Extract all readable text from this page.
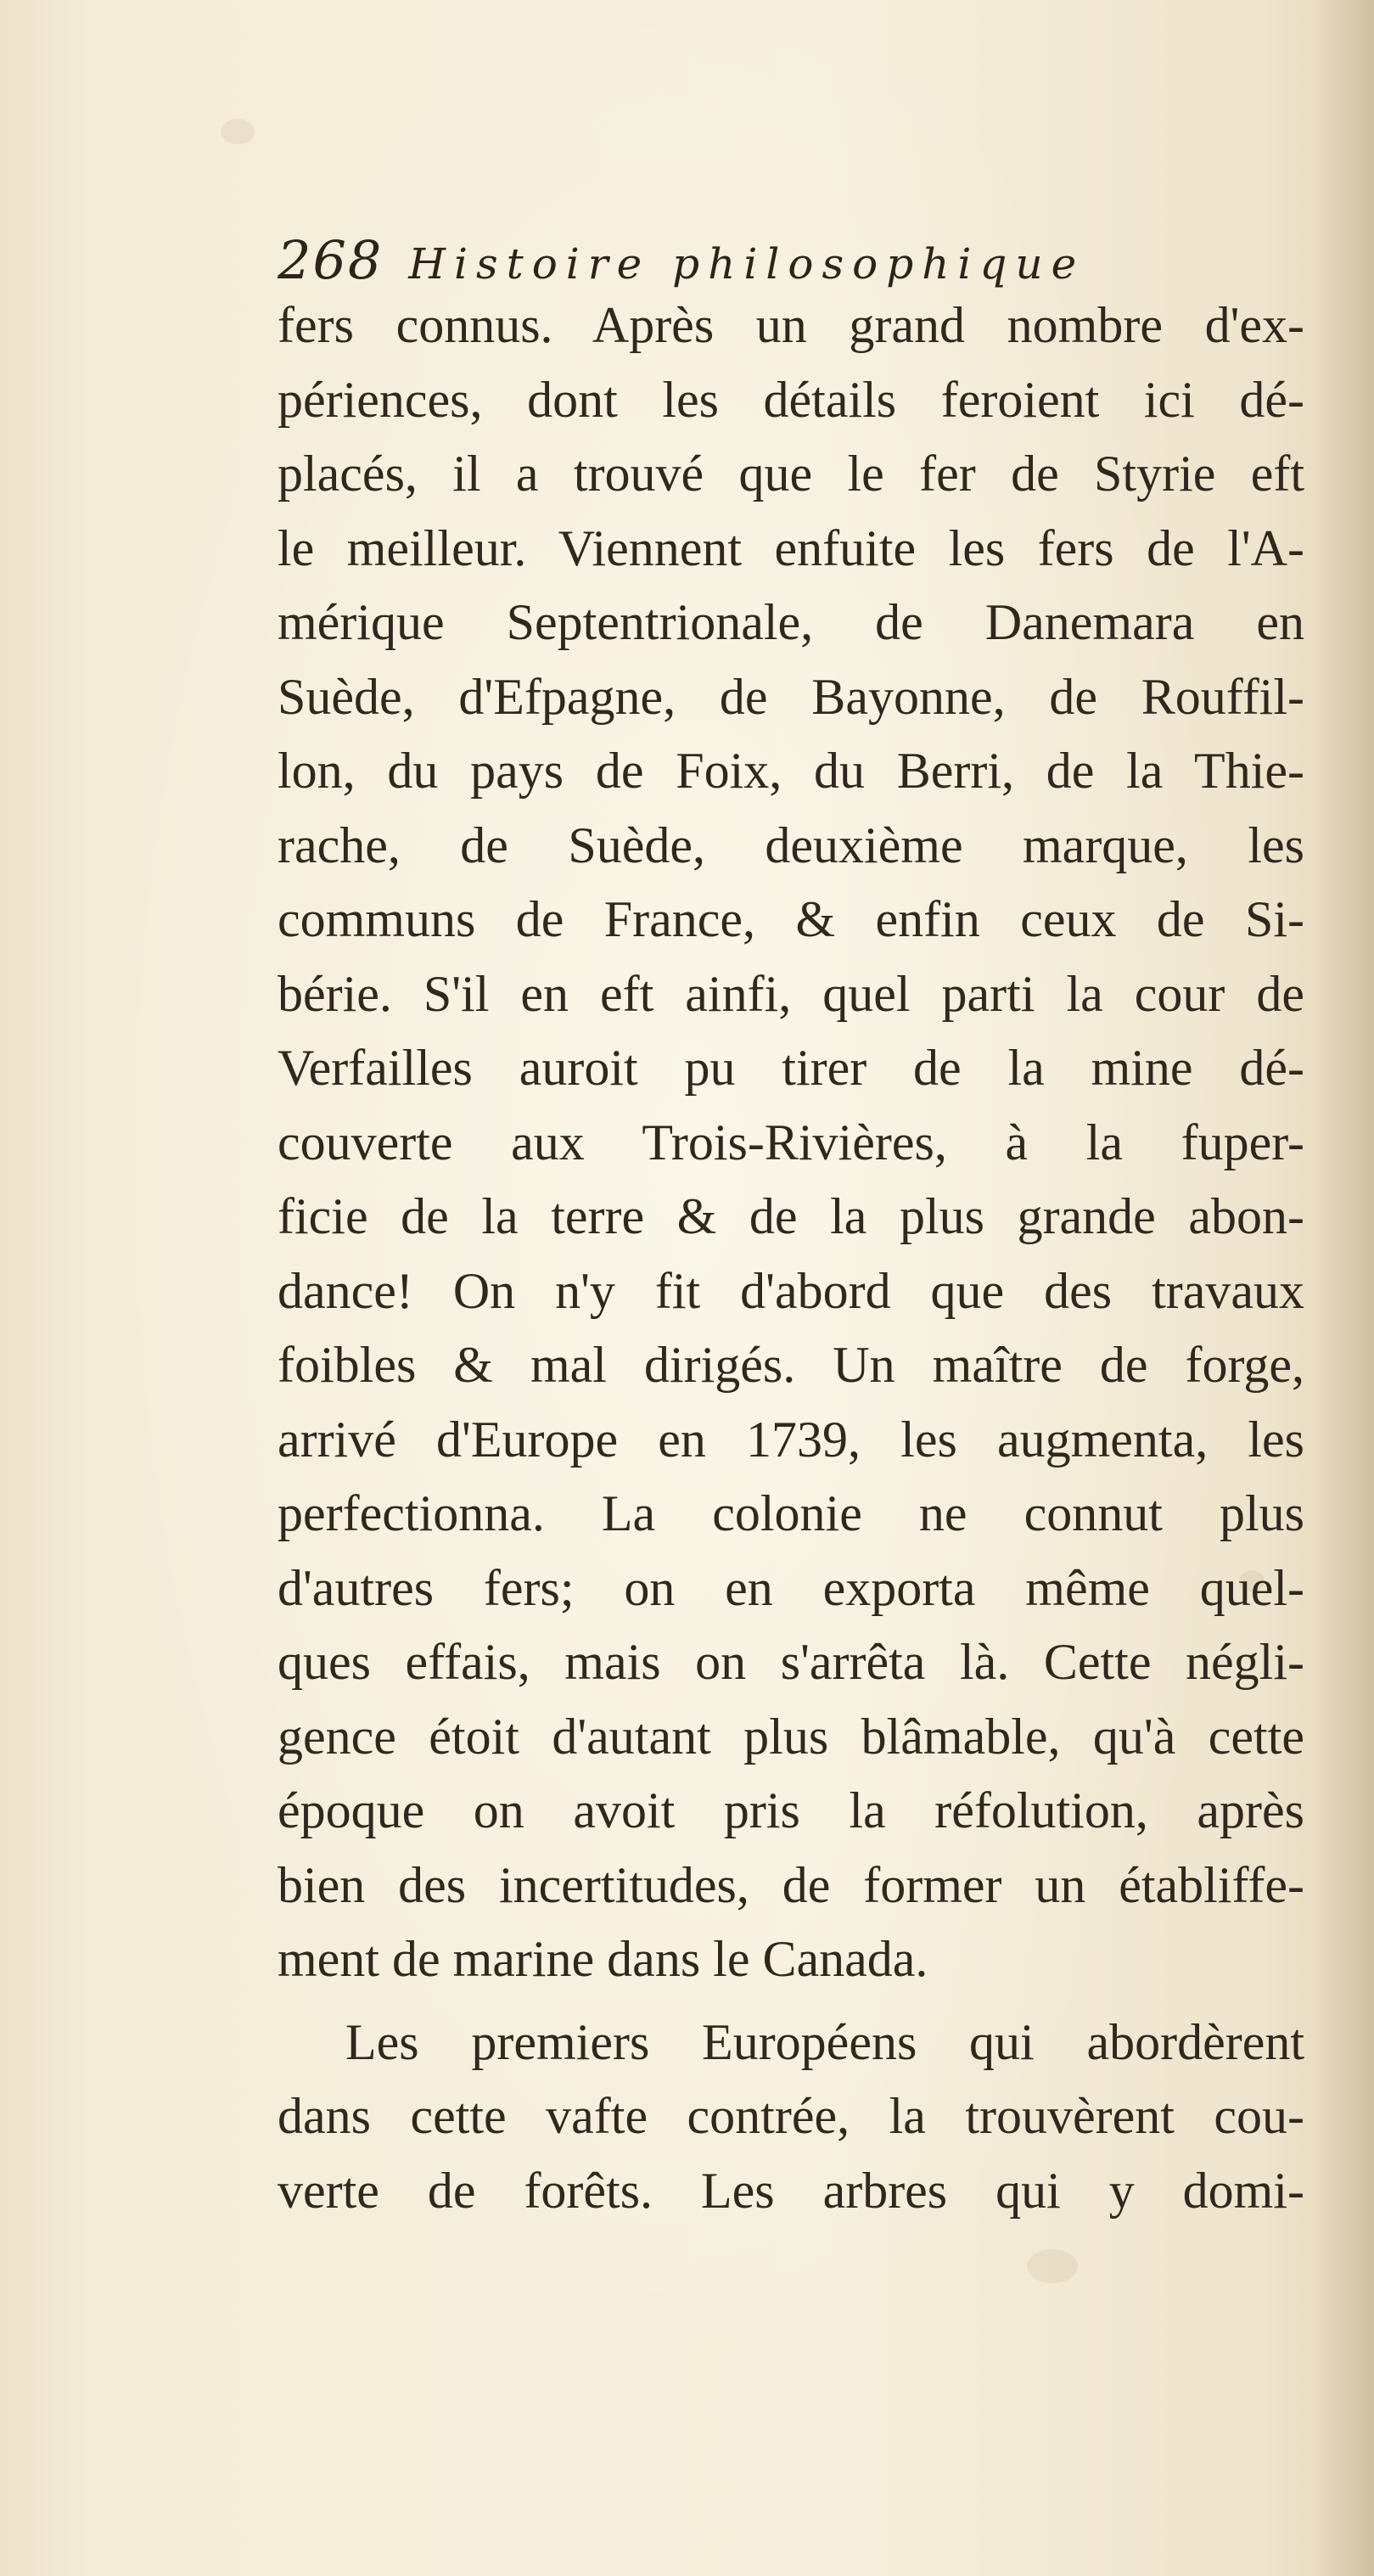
268 Histoire philosophique
fers connus. Après un grand nombre d'ex-
périences, dont les détails feroient ici dé-
placés, il a trouvé que le fer de Styrie eft
le meilleur. Viennent enfuite les fers de l'A-
mérique Septentrionale, de Danemara en
Suède, d'Efpagne, de Bayonne, de Rouffil-
lon, du pays de Foix, du Berri, de la Thie-
rache, de Suède, deuxième marque, les
communs de France, & enfin ceux de Si-
bérie. S'il en eft ainfi, quel parti la cour de
Verfailles auroit pu tirer de la mine dé-
couverte aux Trois-Rivières, à la fuper-
ficie de la terre & de la plus grande abon-
dance! On n'y fit d'abord que des travaux
foibles & mal dirigés. Un maître de forge,
arrivé d'Europe en 1739, les augmenta, les
perfectionna. La colonie ne connut plus
d'autres fers; on en exporta même quel-
ques effais, mais on s'arrêta là. Cette négli-
gence étoit d'autant plus blâmable, qu'à cette
époque on avoit pris la réfolution, après
bien des incertitudes, de former un établiffe-
ment de marine dans le Canada.
Les premiers Européens qui abordèrent
dans cette vafte contrée, la trouvèrent cou-
verte de forêts. Les arbres qui y domi-
